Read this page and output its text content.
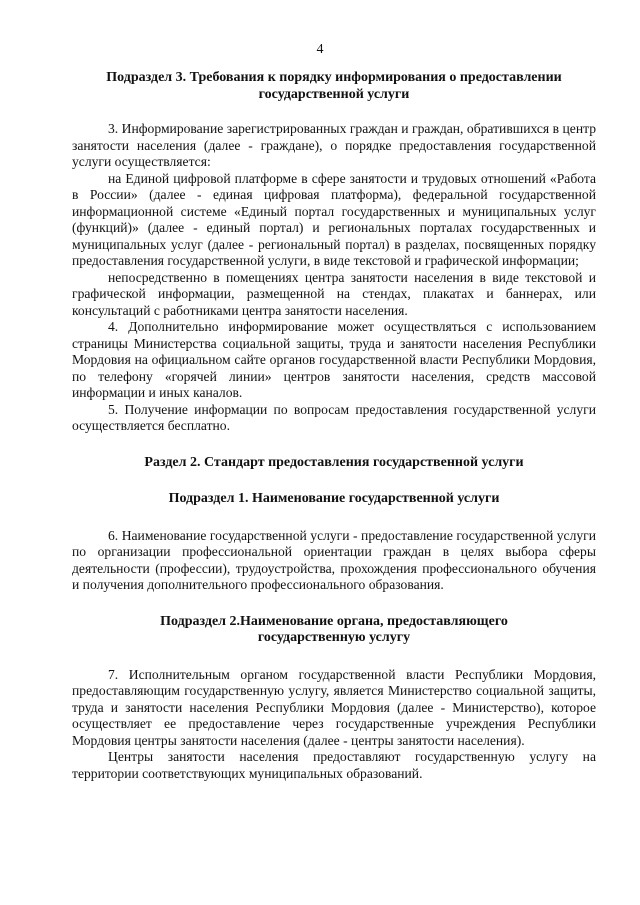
4
Подраздел 3. Требования к порядку информирования о предоставлении
государственной услуги

3. Информирование зарегистрированных граждан и граждан, обратившихся в центр занятости населения (далее - граждане), о порядке предоставления государственной услуги осуществляется:

на Единой цифровой платформе в сфере занятости и трудовых отношений «Работа в России» (далее - единая цифровая платформа), федеральной государственной информационной системе «Единый портал государственных и муниципальных услуг (функций)» (далее - единый портал) и региональных порталах государственных и муниципальных услуг (далее - региональный портал) в разделах, посвященных порядку предоставления государственной услуги, в виде текстовой и графической информации;

непосредственно в помещениях центра занятости населения в виде текстовой и графической информации, размещенной на стендах, плакатах и баннерах, или консультаций с работниками центра занятости населения.

4. Дополнительно информирование может осуществляться с использованием страницы Министерства социальной защиты, труда и занятости населения Республики Мордовия на официальном сайте органов государственной власти Республики Мордовия, по телефону «горячей линии» центров занятости населения, средств массовой информации и иных каналов.

5. Получение информации по вопросам предоставления государственной услуги осуществляется бесплатно.

Раздел 2. Стандарт предоставления государственной услуги
Подраздел 1. Наименование государственной услуги

6. Наименование государственной услуги - предоставление государственной услуги по организации профессиональной ориентации граждан в целях выбора сферы деятельности (профессии), трудоустройства, прохождения профессионального обучения и получения дополнительного профессионального образования.

Подраздел 2.Наименование органа, предоставляющего
государственную услугу

7. Исполнительным органом государственной власти Республики Мордовия, предоставляющим государственную услугу, является Министерство социальной защиты, труда и занятости населения Республики Мордовия (далее - Министерство), которое осуществляет ее предоставление через государственные учреждения Республики Мордовия центры занятости населения (далее - центры занятости населения).

Центры занятости населения предоставляют государственную услугу на территории соответствующих муниципальных образований.
